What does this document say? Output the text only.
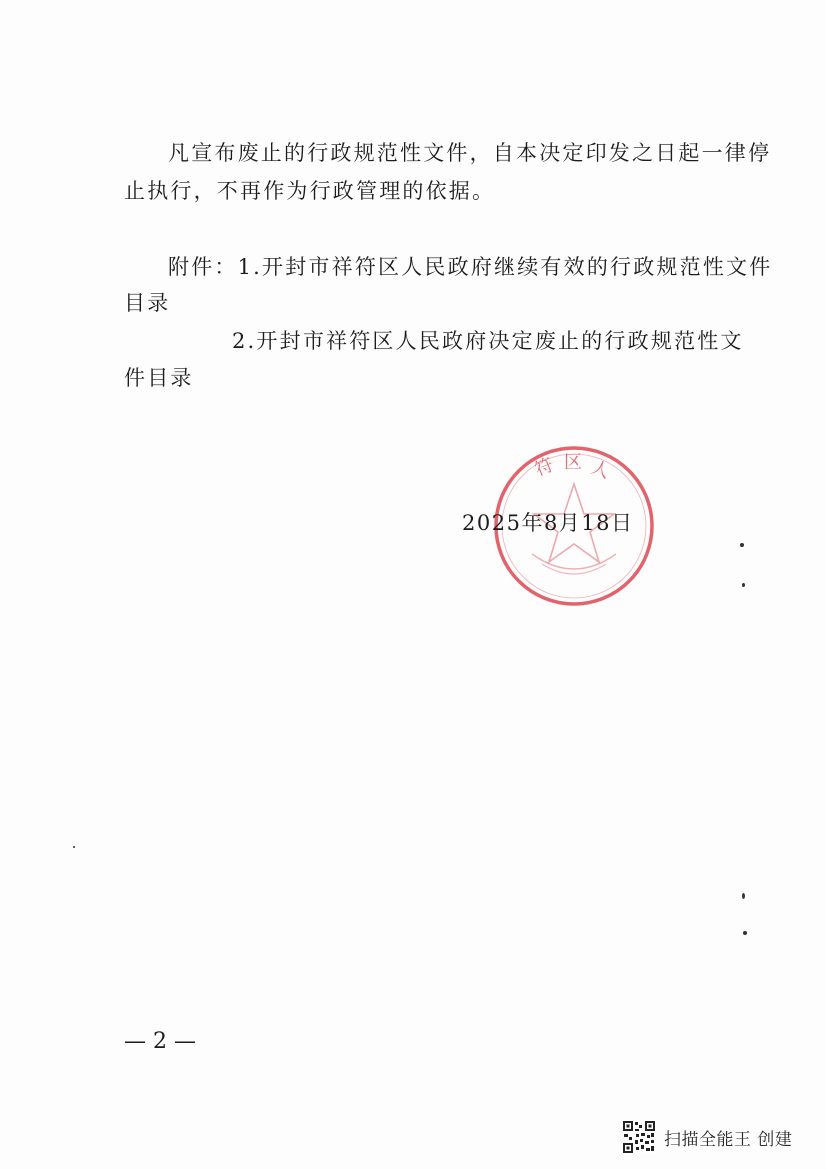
凡宣布废止的行政规范性文件，自本决定印发之日起一律停
止执行，不再作为行政管理的依据。
附件：1.开封市祥符区人民政府继续有效的行政规范性文件
目录
2.开封市祥符区人民政府决定废止的行政规范性文
件目录
符 区 人
2025年8月18日
— 2 —
扫描全能王 创建
